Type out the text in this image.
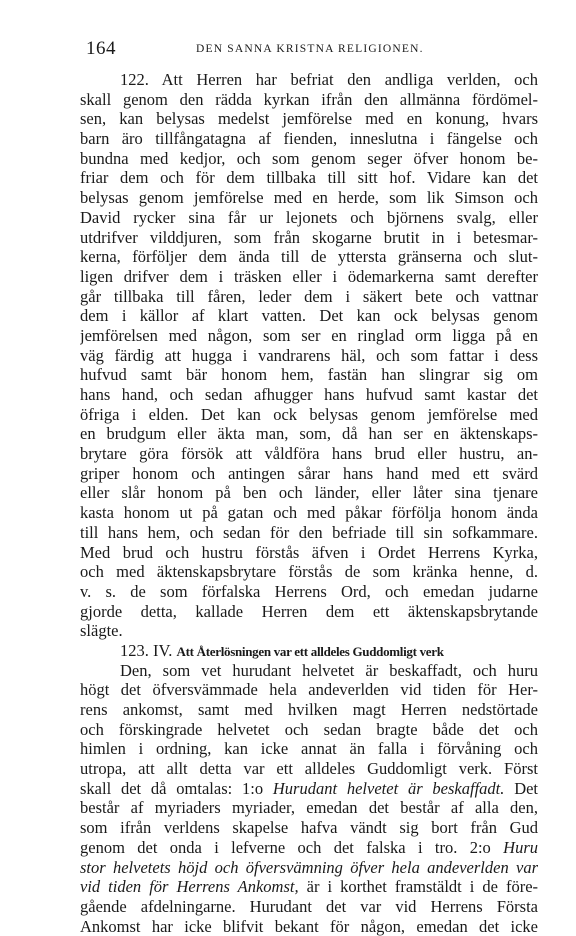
164	DEN SANNA KRISTNA RELIGIONEN.
122. Att Herren har befriat den andliga verlden, och
skall genom den rädda kyrkan ifrån den allmänna fördömel-
sen, kan belysas medelst jemförelse med en konung, hvars
barn äro tillfångatagna af fienden, inneslutna i fängelse och
bundna med kedjor, och som genom seger öfver honom be-
friar dem och för dem tillbaka till sitt hof. Vidare kan det
belysas genom jemförelse med en herde, som lik Simson och
David rycker sina får ur lejonets och björnens svalg, eller
utdrifver vilddjuren, som från skogarne brutit in i betesmar-
kerna, förföljer dem ända till de yttersta gränserna och slut-
ligen drifver dem i träsken eller i ödemarkerna samt derefter
går tillbaka till fåren, leder dem i säkert bete och vattnar
dem i källor af klart vatten. Det kan ock belysas genom
jemförelsen med någon, som ser en ringlad orm ligga på en
väg färdig att hugga i vandrarens häl, och som fattar i dess
hufvud samt bär honom hem, fastän han slingrar sig om
hans hand, och sedan afhugger hans hufvud samt kastar det
öfriga i elden. Det kan ock belysas genom jemförelse med
en brudgum eller äkta man, som, då han ser en äktenskaps-
brytare göra försök att våldföra hans brud eller hustru, an-
griper honom och antingen sårar hans hand med ett svärd
eller slår honom på ben och länder, eller låter sina tjenare
kasta honom ut på gatan och med påkar förfölja honom ända
till hans hem, och sedan för den befriade till sin sofkammare.
Med brud och hustru förstås äfven i Ordet Herrens Kyrka,
och med äktenskapsbrytare förstås de som kränka henne, d.
v. s. de som förfalska Herrens Ord, och emedan judarne
gjorde detta, kallade Herren dem ett äktenskapsbrytande
slägte.
123. IV. Att Återlösningen var ett alldeles Guddomligt verk
Den, som vet hurudant helvetet är beskaffadt, och huru
högt det öfversvämmade hela andeverlden vid tiden för Her-
rens ankomst, samt med hvilken magt Herren nedstörtade
och förskingrade helvetet och sedan bragte både det och
himlen i ordning, kan icke annat än falla i förvåning och
utropa, att allt detta var ett alldeles Guddomligt verk. Först
skall det då omtalas: 1:o Hurudant helvetet är beskaffadt. Det
består af myriaders myriader, emedan det består af alla den,
som ifrån verldens skapelse hafva vändt sig bort från Gud
genom det onda i lefverne och det falska i tro. 2:o Huru
stor helvetets höjd och öfversvämning öfver hela andeverlden var
vid tiden för Herrens Ankomst, är i korthet framstäldt i de före-
gående afdelningarne. Hurudant det var vid Herrens Första
Ankomst har icke blifvit bekant för någon, emedan det icke
